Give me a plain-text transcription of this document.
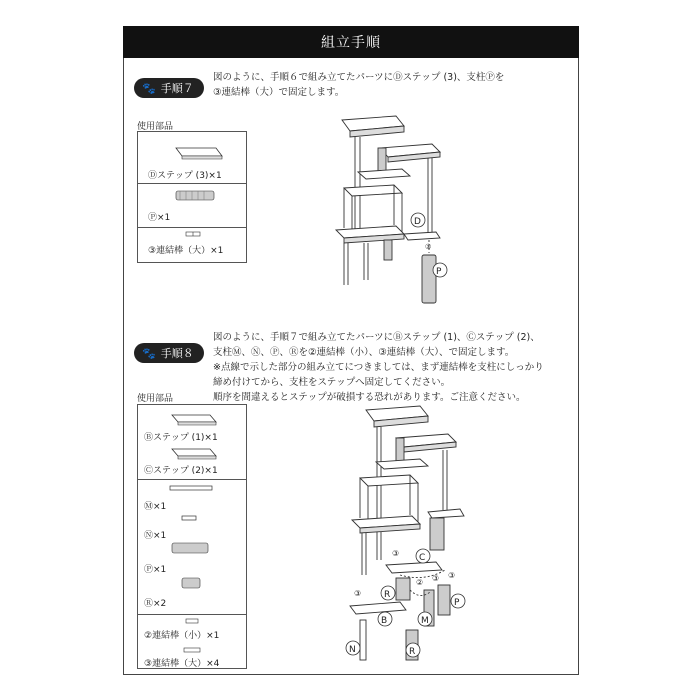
組立手順
🐾 手順７
図のように、手順６で組み立てたパーツにⒹステップ (3)、支柱Ⓟを
③連結棒（大）で固定します。
使用部品
Ⓓステップ (3)×1
Ⓟ×1
③連結棒（大）×1
D
P
③
🐾 手順８
図のように、手順７で組み立てたパーツにⒷステップ (1)、Ⓒステップ (2)、
支柱Ⓜ、Ⓝ、Ⓟ、Ⓡを②連結棒（小）、③連結棒（大）、で固定します。
※点線で示した部分の組み立てにつきましては、まず連結棒を支柱にしっかり
締め付けてから、支柱をステップへ固定してください。
順序を間違えるとステップが破損する恐れがあります。ご注意ください。
使用部品
Ⓑステップ (1)×1
Ⓒステップ (2)×1
Ⓜ×1
Ⓝ×1
Ⓟ×1
Ⓡ×2
②連結棒（小）×1
③連結棒（大）×4
C
R
P
B	M
N	R
③
②
③
③
③
